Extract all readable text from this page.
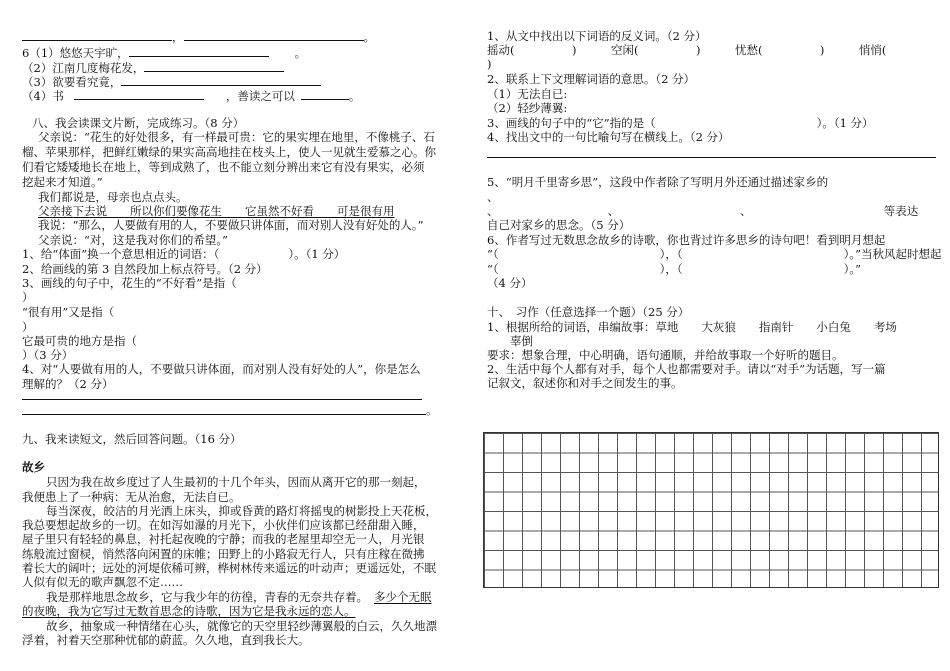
，	。
6（1）悠悠天宇旷，	。
（2）江南几度梅花发，
（3）欲要看究竟，
（4）书	，善读之可以	。
八、我会读课文片断，完成练习。（8 分）
父亲说：“花生的好处很多，有一样最可贵：它的果实埋在地里，不像桃子、石
榴、苹果那样，把鲜红嫩绿的果实高高地挂在枝头上，使人一见就生爱慕之心。你
们看它矮矮地长在地上，等到成熟了，也不能立刻分辨出来它有没有果实，必须
挖起来才知道。”
我们都说是，母亲也点点头。
父亲接下去说　　所以你们要像花生　　它虽然不好看　　可是很有用
我说：“那么，人要做有用的人，不要做只讲体面，而对别人没有好处的人。”
父亲说：“对，这是我对你们的希望。”
1、给“体面”换一个意思相近的词语：（　　　　　　）。（1 分）
2、给画线的第 3 自然段加上标点符号。（2 分）
3、画线的句子中，花生的“不好看”是指（
）
“很有用”又是指（
）
它最可贵的地方是指（
）（3 分）
4、对“人要做有用的人，不要做只讲体面，而对别人没有好处的人”，你是怎么
理解的？（2 分）
。
九、我来读短文，然后回答问题。（16 分）
故乡
只因为我在故乡度过了人生最初的十几个年头，因而从离开它的那一刻起，
我便患上了一种病：无从治愈，无法自已。
每当深夜，皎洁的月光洒上床头，抑或昏黄的路灯将摇曳的树影投上天花板，
我总要想起故乡的一切。在如泻如瀑的月光下，小伙伴们应该都已经甜甜入睡，
屋子里只有轻轻的鼻息，衬托起夜晚的宁静；而我的老屋里却空无一人，月光银
练般流过窗棂，悄然落向闲置的床帷；田野上的小路寂无行人，只有庄稼在微拂
着长大的阔叶；远处的河堤依稀可辨，桦树林传来遥远的叶动声；更遥远处，不眠
人似有似无的歌声飘忽不定……
我是那样地思念故乡，它与我少年的彷徨，青春的无奈共存着。 多少个无眠
的夜晚，我为它写过无数首思念的诗歌，因为它是我永远的恋人。
故乡，抽象成一种情绪在心头，就像它的天空里轻纱薄翼般的白云，久久地漂
浮着，衬着天空那种忧郁的蔚蓝。久久地，直到我长大。
1、从文中找出以下词语的反义词。（2 分）
摇动(　　　　　)　　　空闲(　　　　　)　　　忧愁(　　　　　)　　　悄悄(
)
2、联系上下文理解词语的意思。（2 分）
（1）无法自已:
（2）轻纱薄翼:
3、画线的句子中的“它”指的是（　　　　　　　　　　　　　　）。（1 分）
4、找出文中的一句比喻句写在横线上。（2 分）
5、“明月千里寄乡思”，这段中作者除了写明月外还通过描述家乡的
、
、　　　　　　　　　　、　　　　　　　　　　　、　　　　　　　　　　　　等表达
自己对家乡的思念。（5 分）
6、作者写过无数思念故乡的诗歌，你也背过许多思乡的诗句吧！看到明月想起
“（　　　　　　　　　　　　　　），（　　　　　　　　　　　　　　）。”当秋风起时想起
“（　　　　　　　　　　　　　　），（　　　　　　　　　　　　　　）。”
（4 分）
十、　习作（任意选择一个题）（25 分）
1、根据所给的词语，串编故事：草地　　大灰狼　　指南针　　小白兔　　考场
　　辜倒
要求：想象合理，中心明确，语句通顺，并给故事取一个好听的题目。
2、生活中每个人都有对手，每个人也都需要对手。请以“对手”为话题，写一篇
记叙文，叙述你和对手之间发生的事。
